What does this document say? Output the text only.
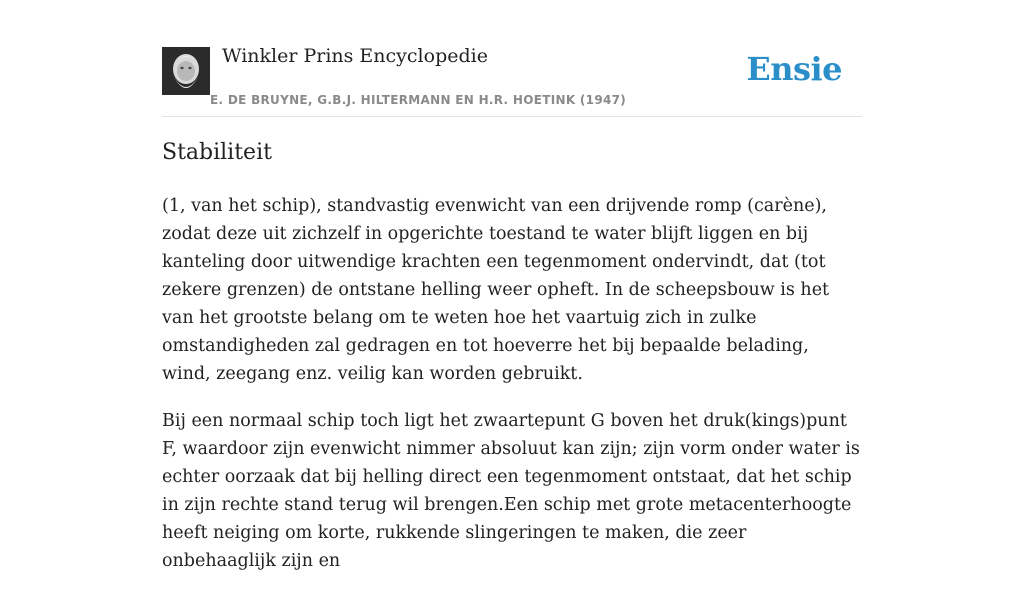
Winkler Prins Encyclopedie
E. DE BRUYNE, G.B.J. HILTERMANN EN H.R. HOETINK (1947)
Ensie
Stabiliteit

(1, van het schip), standvastig evenwicht van een drijvende romp (carène), zodat deze uit zichzelf in opgerichte toestand te water blijft liggen en bij kanteling door uitwendige krachten een tegenmoment ondervindt, dat (tot zekere grenzen) de ontstane helling weer opheft. In de scheepsbouw is het van het grootste belang om te weten hoe het vaartuig zich in zulke omstandigheden zal gedragen en tot hoeverre het bij bepaalde belading, wind, zeegang enz. veilig kan worden gebruikt.

Bij een normaal schip toch ligt het zwaartepunt G boven het druk(kings)punt F, waardoor zijn evenwicht nimmer absoluut kan zijn; zijn vorm onder water is echter oorzaak dat bij helling direct een tegenmoment ontstaat, dat het schip in zijn rechte stand terug wil brengen.Een schip met grote metacenterhoogte heeft neiging om korte, rukkende slingeringen te maken, die zeer onbehaaglijk zijn en
